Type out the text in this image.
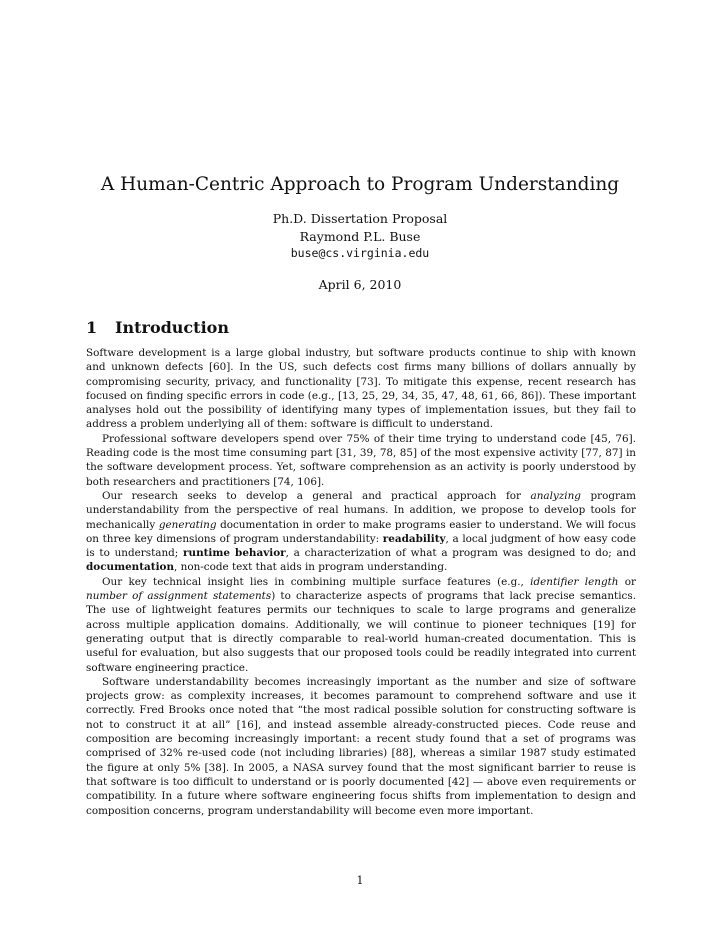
A Human-Centric Approach to Program Understanding
Ph.D. Dissertation Proposal
Raymond P.L. Buse
buse@cs.virginia.edu
April 6, 2010
1 Introduction

Software development is a large global industry, but software products continue to ship with known and unknown defects [60]. In the US, such defects cost firms many billions of dollars annually by compromising security, privacy, and functionality [73]. To mitigate this expense, recent research has focused on finding specific errors in code (e.g., [13, 25, 29, 34, 35, 47, 48, 61, 66, 86]). These important analyses hold out the possibility of identifying many types of implementation issues, but they fail to address a problem underlying all of them: software is difficult to understand.

Professional software developers spend over 75% of their time trying to understand code [45, 76]. Reading code is the most time consuming part [31, 39, 78, 85] of the most expensive activity [77, 87] in the software development process. Yet, software comprehension as an activity is poorly understood by both researchers and practitioners [74, 106].

Our research seeks to develop a general and practical approach for analyzing program understandability from the perspective of real humans. In addition, we propose to develop tools for mechanically generating documentation in order to make programs easier to understand. We will focus on three key dimensions of program understandability: readability, a local judgment of how easy code is to understand; runtime behavior, a characterization of what a program was designed to do; and documentation, non-code text that aids in program understanding.

Our key technical insight lies in combining multiple surface features (e.g., identifier length or number of assignment statements) to characterize aspects of programs that lack precise semantics. The use of lightweight features permits our techniques to scale to large programs and generalize across multiple application domains. Additionally, we will continue to pioneer techniques [19] for generating output that is directly comparable to real-world human-created documentation. This is useful for evaluation, but also suggests that our proposed tools could be readily integrated into current software engineering practice.

Software understandability becomes increasingly important as the number and size of software projects grow: as complexity increases, it becomes paramount to comprehend software and use it correctly. Fred Brooks once noted that “the most radical possible solution for constructing software is not to construct it at all” [16], and instead assemble already-constructed pieces. Code reuse and composition are becoming increasingly important: a recent study found that a set of programs was comprised of 32% re-used code (not including libraries) [88], whereas a similar 1987 study estimated the figure at only 5% [38]. In 2005, a NASA survey found that the most significant barrier to reuse is that software is too difficult to understand or is poorly documented [42] — above even requirements or compatibility. In a future where software engineering focus shifts from implementation to design and composition concerns, program understandability will become even more important.

1
